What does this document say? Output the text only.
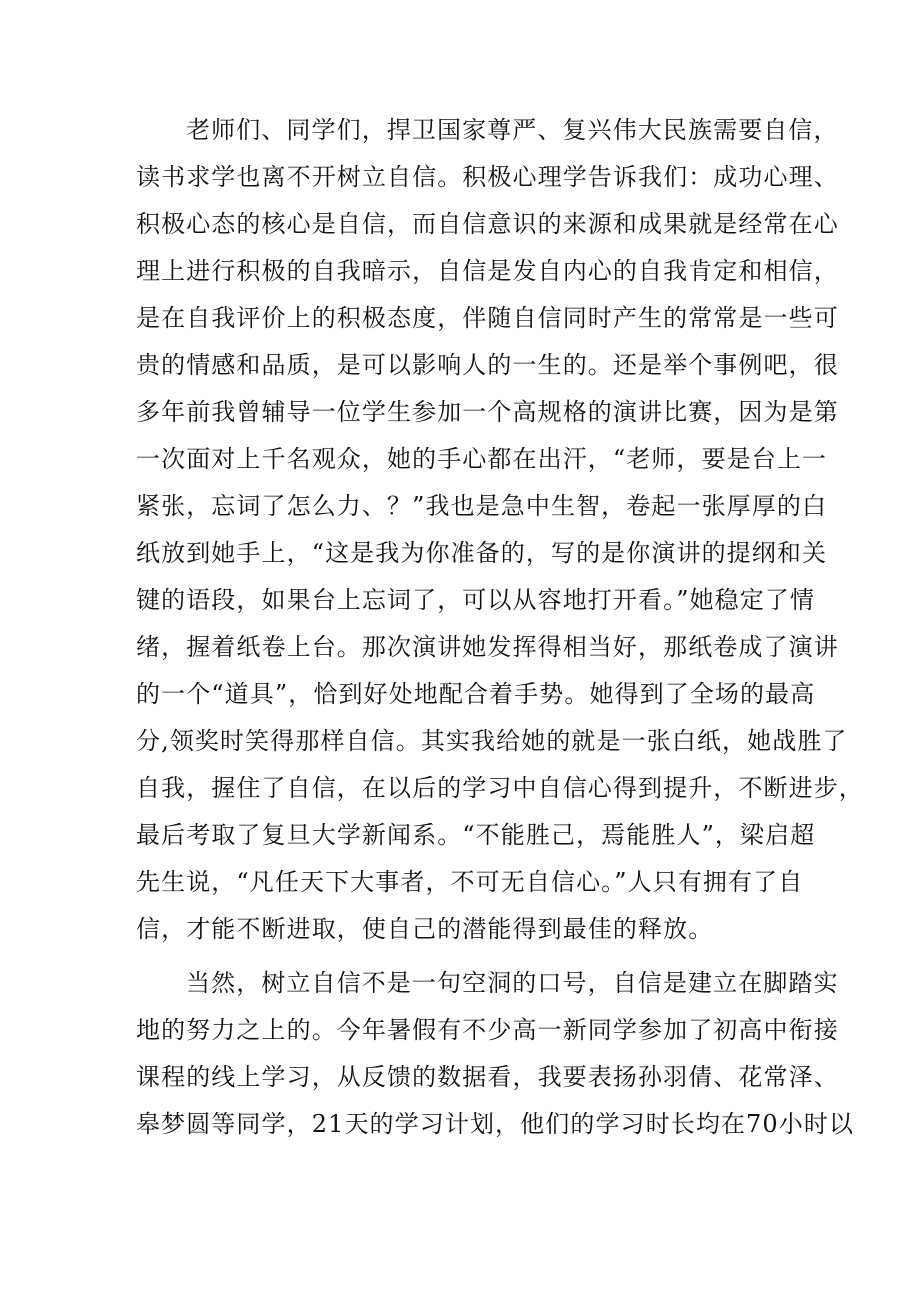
老师们、同学们，捍卫国家尊严、复兴伟大民族需要自信，
读书求学也离不开树立自信。积极心理学告诉我们：成功心理、
积极心态的核心是自信，而自信意识的来源和成果就是经常在心
理上进行积极的自我暗示，自信是发自内心的自我肯定和相信，
是在自我评价上的积极态度，伴随自信同时产生的常常是一些可
贵的情感和品质，是可以影响人的一生的。还是举个事例吧，很
多年前我曾辅导一位学生参加一个高规格的演讲比赛，因为是第
一次面对上千名观众，她的手心都在出汗，“老师，要是台上一
紧张，忘词了怎么力、？”我也是急中生智，卷起一张厚厚的白
纸放到她手上，“这是我为你准备的，写的是你演讲的提纲和关
键的语段，如果台上忘词了，可以从容地打开看。”她稳定了情
绪，握着纸卷上台。那次演讲她发挥得相当好，那纸卷成了演讲
的一个“道具”，恰到好处地配合着手势。她得到了全场的最高
分,领奖时笑得那样自信。其实我给她的就是一张白纸，她战胜了
自我，握住了自信，在以后的学习中自信心得到提升，不断进步，
最后考取了复旦大学新闻系。“不能胜己，焉能胜人”，梁启超
先生说，“凡任天下大事者，不可无自信心。”人只有拥有了自
信，才能不断进取，使自己的潜能得到最佳的释放。
当然，树立自信不是一句空洞的口号，自信是建立在脚踏实
地的努力之上的。今年暑假有不少高一新同学参加了初高中衔接
课程的线上学习，从反馈的数据看，我要表扬孙羽倩、花常泽、
皋梦圆等同学，21天的学习计划，他们的学习时长均在70小时以
